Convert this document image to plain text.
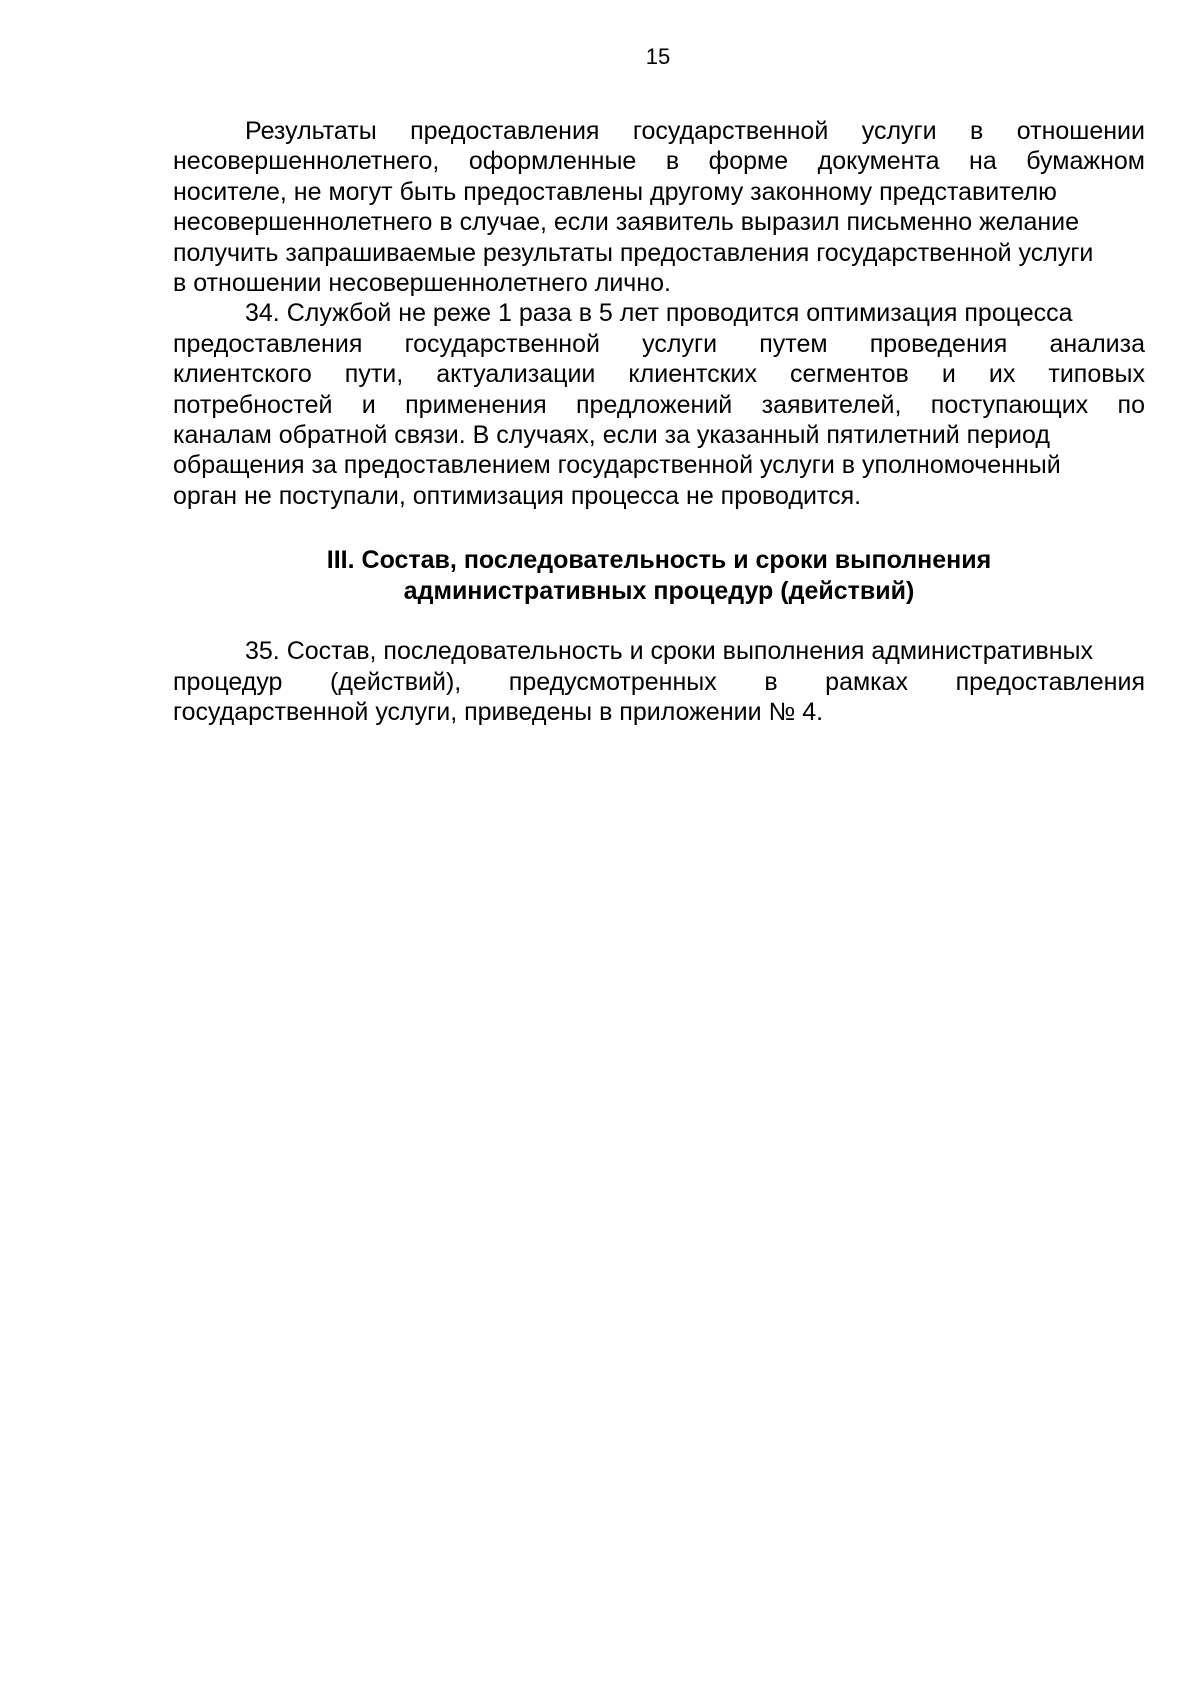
15

Результаты предоставления государственной услуги в отношении
несовершеннолетнего, оформленные в форме документа на бумажном
носителе, не могут быть предоставлены другому законному представителю
несовершеннолетнего в случае, если заявитель выразил письменно желание
получить запрашиваемые результаты предоставления государственной услуги
в отношении несовершеннолетнего лично.

34. Службой не реже 1 раза в 5 лет проводится оптимизация процесса
предоставления государственной услуги путем проведения анализа
клиентского пути, актуализации клиентских сегментов и их типовых
потребностей и применения предложений заявителей, поступающих по
каналам обратной связи. В случаях, если за указанный пятилетний период
обращения за предоставлением государственной услуги в уполномоченный
орган не поступали, оптимизация процесса не проводится.

III. Состав, последовательность и сроки выполнения
административных процедур (действий)

35. Состав, последовательность и сроки выполнения административных
процедур (действий), предусмотренных в рамках предоставления
государственной услуги, приведены в приложении № 4.
